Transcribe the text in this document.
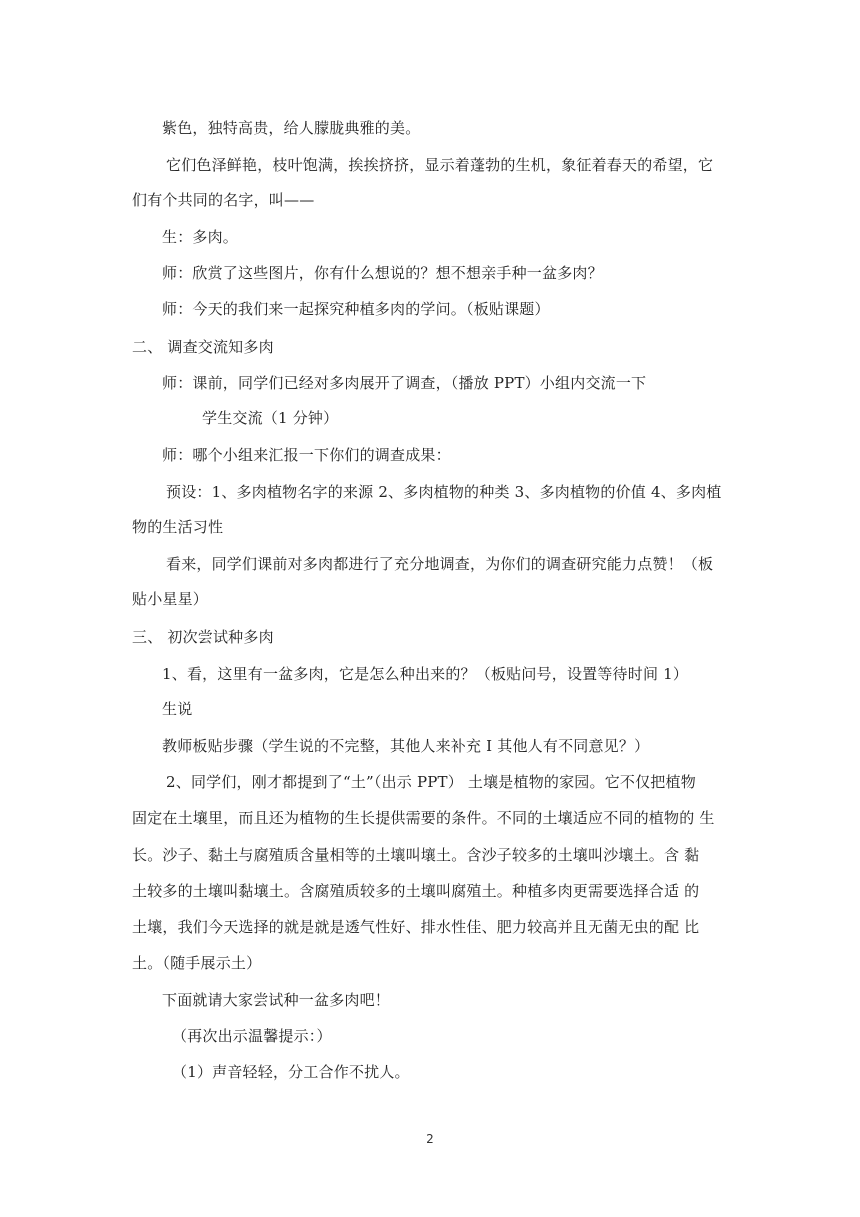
紫色，独特高贵，给人朦胧典雅的美。
它们色泽鲜艳，枝叶饱满，挨挨挤挤，显示着蓬勃的生机，象征着春天的希望，它
们有个共同的名字，叫——
生：多肉。
师：欣赏了这些图片，你有什么想说的？想不想亲手种一盆多肉？
师：今天的我们来一起探究种植多肉的学问。（板贴课题）
二、 调查交流知多肉
师：课前，同学们已经对多肉展开了调查，（播放 PPT）小组内交流一下
学生交流（1 分钟）
师：哪个小组来汇报一下你们的调查成果：
预设：1、多肉植物名字的来源 2、多肉植物的种类 3、多肉植物的价值 4、多肉植
物的生活习性
看来，同学们课前对多肉都进行了充分地调查，为你们的调查研究能力点赞！（板
贴小星星）
三、 初次尝试种多肉
1、看，这里有一盆多肉，它是怎么种出来的？（板贴问号，设置等待时间 1）
生说
教师板贴步骤（学生说的不完整，其他人来补充 I 其他人有不同意见？）
2、同学们，刚才都提到了“土”（出示 PPT） 土壤是植物的家园。它不仅把植物
固定在土壤里，而且还为植物的生长提供需要的条件。不同的土壤适应不同的植物的 生
长。沙子、黏土与腐殖质含量相等的土壤叫壤土。含沙子较多的土壤叫沙壤土。含 黏
土较多的土壤叫黏壤土。含腐殖质较多的土壤叫腐殖土。种植多肉更需要选择合适 的
土壤，我们今天选择的就是就是透气性好、排水性佳、肥力较高并且无菌无虫的配 比
土。（随手展示土）
下面就请大家尝试种一盆多肉吧！
（再次出示温馨提示：）
（1）声音轻轻，分工合作不扰人。
2
